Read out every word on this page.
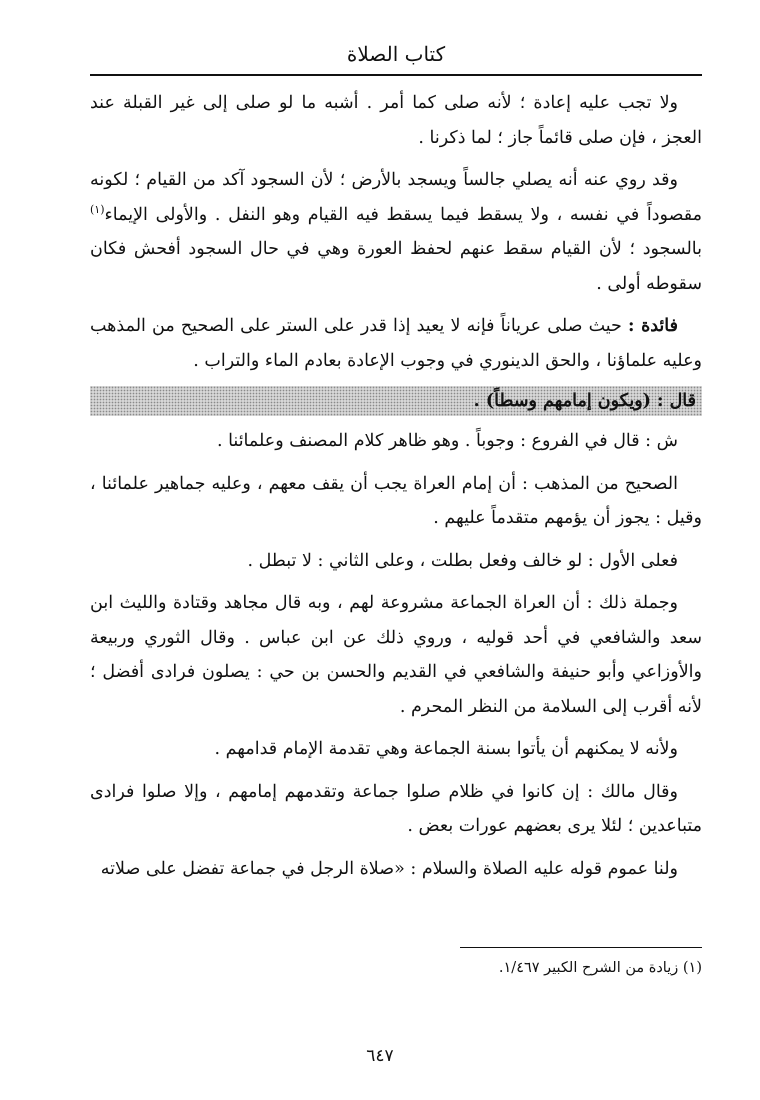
كتاب الصلاة

ولا تجب عليه إعادة ؛ لأنه صلى كما أمر . أشبه ما لو صلى إلى غير القبلة عند العجز ، فإن صلى قائماً جاز ؛ لما ذكرنا .

وقد روي عنه أنه يصلي جالساً ويسجد بالأرض ؛ لأن السجود آكد من القيام ؛ لكونه مقصوداً في نفسه ، ولا يسقط فيما يسقط فيه القيام وهو النفل . والأولى الإيماء$^{(١)}$ بالسجود ؛ لأن القيام سقط عنهم لحفظ العورة وهي في حال السجود أفحش فكان سقوطه أولى .

فائدة : حيث صلى عرياناً فإنه لا يعيد إذا قدر على الستر على الصحيح من المذهب وعليه علماؤنا ، والحق الدينوري في وجوب الإعادة بعادم الماء والتراب .

قال : (ويكون إمامهم وسطاً) .

ش : قال في الفروع : وجوباً . وهو ظاهر كلام المصنف وعلمائنا .

الصحيح من المذهب : أن إمام العراة يجب أن يقف معهم ، وعليه جماهير علمائنا ، وقيل : يجوز أن يؤمهم متقدماً عليهم .

فعلى الأول : لو خالف وفعل بطلت ، وعلى الثاني : لا تبطل .

وجملة ذلك : أن العراة الجماعة مشروعة لهم ، وبه قال مجاهد وقتادة والليث ابن سعد والشافعي في أحد قوليه ، وروي ذلك عن ابن عباس . وقال الثوري وربيعة والأوزاعي وأبو حنيفة والشافعي في القديم والحسن بن حي : يصلون فرادى أفضل ؛ لأنه أقرب إلى السلامة من النظر المحرم .

ولأنه لا يمكنهم أن يأتوا بسنة الجماعة وهي تقدمة الإمام قدامهم .

وقال مالك : إن كانوا في ظلام صلوا جماعة وتقدمهم إمامهم ، وإلا صلوا فرادى متباعدين ؛ لئلا يرى بعضهم عورات بعض .

ولنا عموم قوله عليه الصلاة والسلام : «صلاة الرجل في جماعة تفضل على صلاته

(١) زيادة من الشرح الكبير ١/٤٦٧.
٦٤٧
